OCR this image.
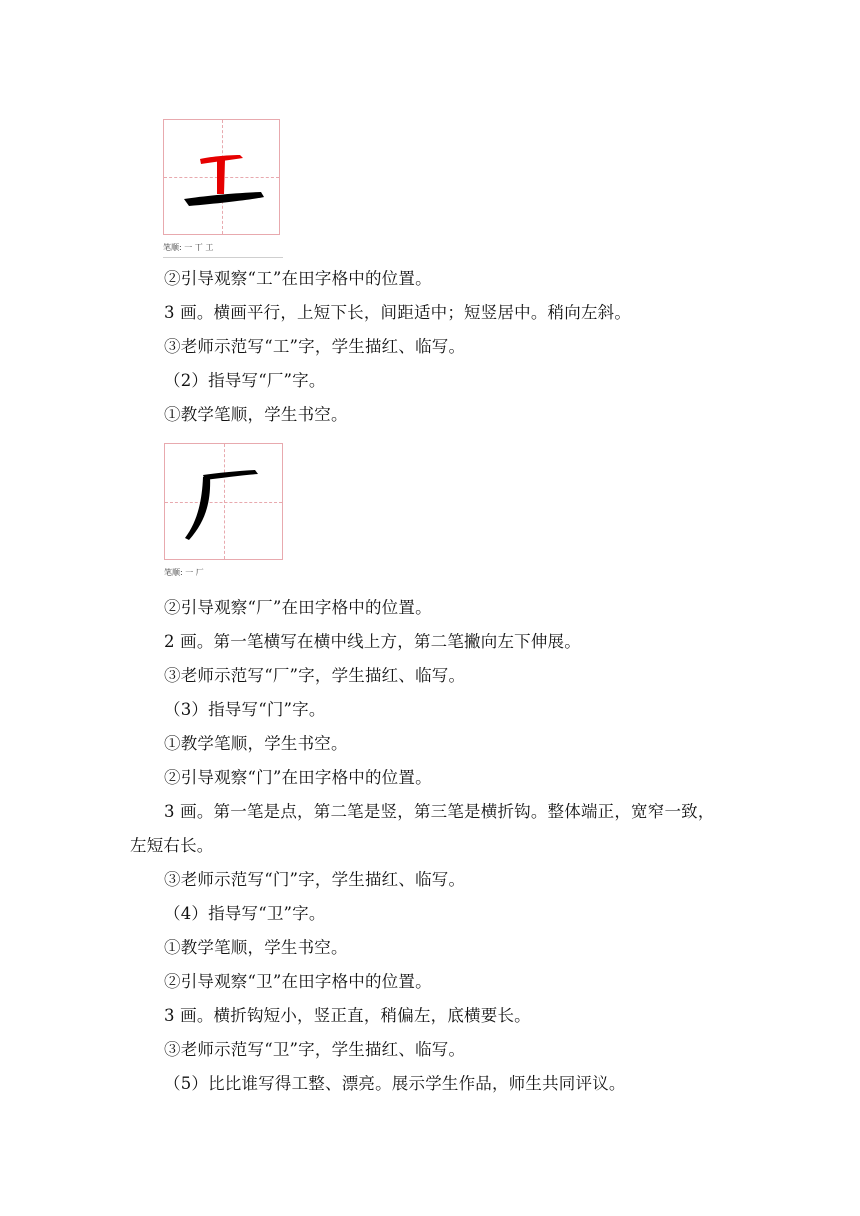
笔顺: 一 丅 工
②引导观察“工”在田字格中的位置。
3 画。横画平行，上短下长，间距适中；短竖居中。稍向左斜。
③老师示范写“工”字，学生描红、临写。
（2）指导写“厂”字。
①教学笔顺，学生书空。
笔顺: 一 厂
②引导观察“厂”在田字格中的位置。
2 画。第一笔横写在横中线上方，第二笔撇向左下伸展。
③老师示范写“厂”字，学生描红、临写。
（3）指导写“门”字。
①教学笔顺，学生书空。
②引导观察“门”在田字格中的位置。
3 画。第一笔是点，第二笔是竖，第三笔是横折钩。整体端正，宽窄一致，
左短右长。
③老师示范写“门”字，学生描红、临写。
（4）指导写“卫”字。
①教学笔顺，学生书空。
②引导观察“卫”在田字格中的位置。
3 画。横折钩短小，竖正直，稍偏左，底横要长。
③老师示范写“卫”字，学生描红、临写。
（5）比比谁写得工整、漂亮。展示学生作品，师生共同评议。
